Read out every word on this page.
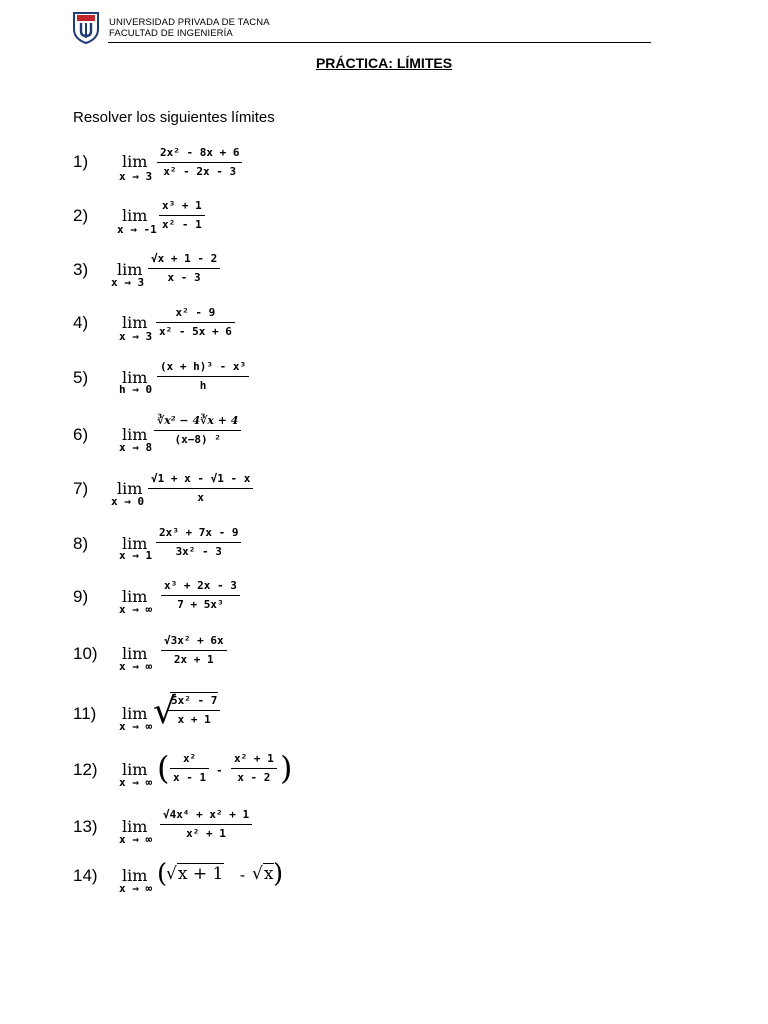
UNIVERSIDAD PRIVADA DE TACNA
FACULTAD DE INGENIERÍA
PRÁCTICA: LÍMITES
Resolver los siguientes límites
1) lim
x → 3
2x² - 8x + 6
x² - 2x - 3
2) lim
x → -1
x³ + 1
x² - 1
3) lim
x → 3
√x + 1 - 2
x - 3
4) lim
x → 3
x² - 9
x² - 5x + 6
5) lim
h → 0
(x + h)³ - x³
h
6) lim
x → 8
∛x² − 4∛x + 4
(x−8) ²
7) lim
x → 0
√1 + x - √1 - x
x
8) lim
x → 1
2x³ + 7x - 9
3x² - 3
9) lim
x → ∞
x³ + 2x - 3
7 + 5x³
10) lim
x → ∞
√3x² + 6x
2x + 1
11) lim
x → ∞ √
5x² - 7
x + 1
12) lim
x → ∞ ( x²
x - 1
-
x² + 1
x - 2 )
13) lim
x → ∞
√4x⁴ + x² + 1
x² + 1
14) lim
x → ∞ (
√x + 1 - √x )
